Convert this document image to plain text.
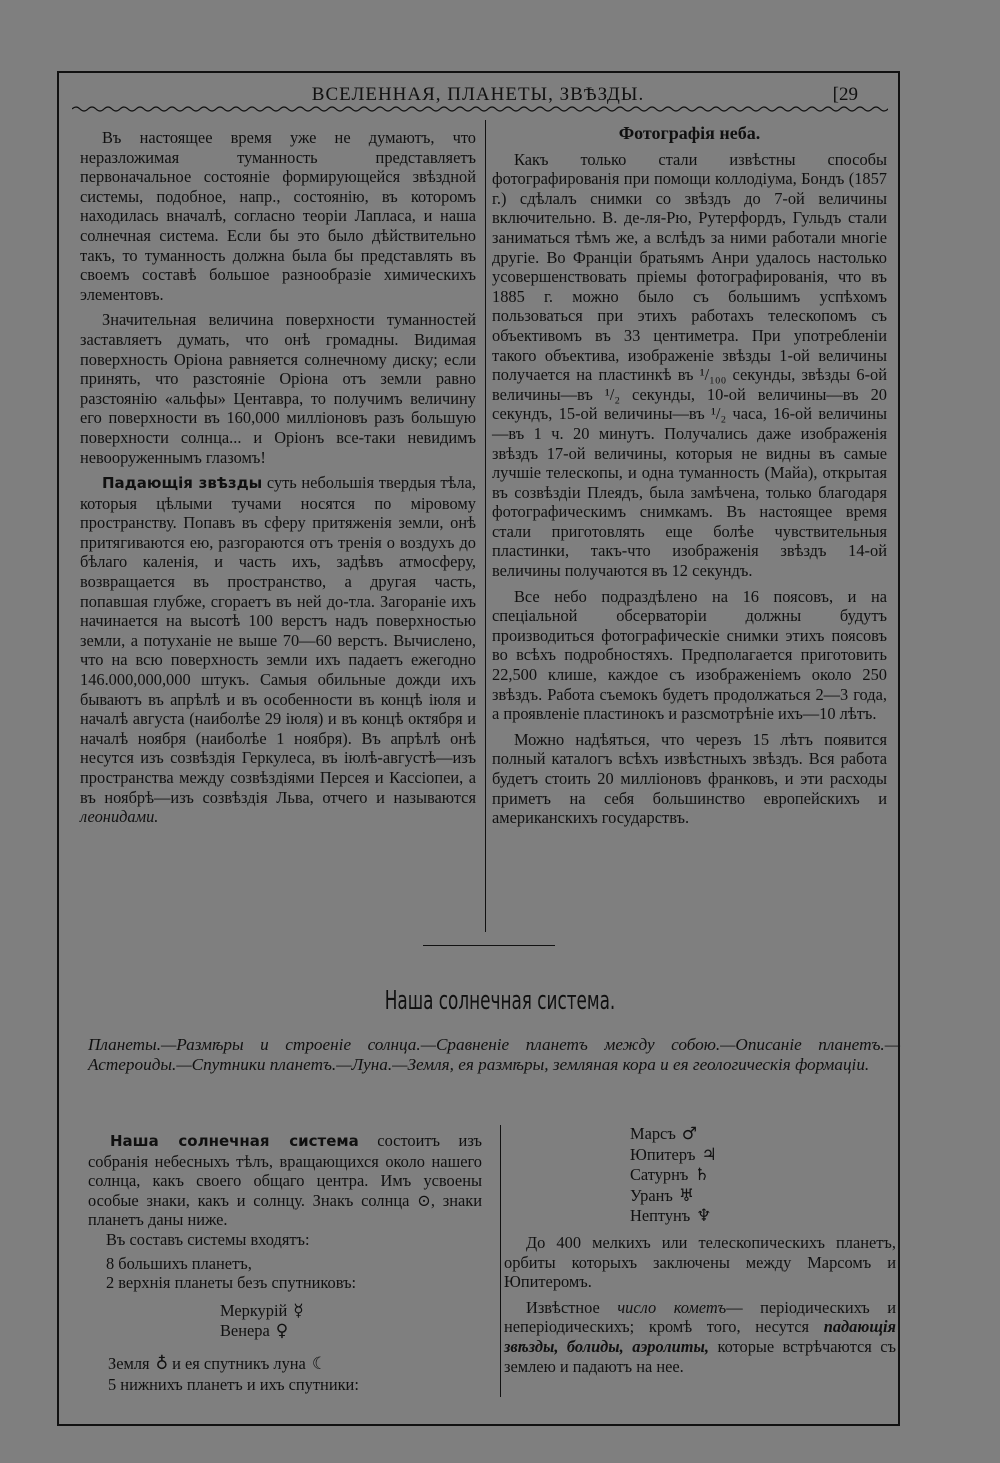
ВСЕЛЕННАЯ, ПЛАНЕТЫ, ЗВѢЗДЫ.	[29

Въ настоящее время уже не думаютъ, что неразложимая туманность представляетъ первоначальное состояніе формирующейся звѣздной системы, подобное, напр., состоянію, въ которомъ находилась вначалѣ, согласно теоріи Лапласа, и наша солнечная система. Если бы это было дѣйствительно такъ, то туманность должна была бы представлять въ своемъ составѣ большое разнообразіе химическихъ элементовъ.

Значительная величина поверхности туманностей заставляетъ думать, что онѣ громадны. Видимая поверхность Оріона равняется солнечному диску; если принять, что разстояніе Оріона отъ земли равно разстоянію «альфы» Центавра, то получимъ величину его поверхности въ 160,000 милліоновъ разъ большую поверхности солнца... и Оріонъ все-таки невидимъ невооруженнымъ глазомъ!

Падающія звѣзды суть небольшія твердыя тѣла, которыя цѣлыми тучами носятся по міровому пространству. Попавъ въ сферу притяженія земли, онѣ притягиваются ею, разгораются отъ тренія о воздухъ до бѣлаго каленія, и часть ихъ, задѣвъ атмосферу, возвращается въ пространство, а другая часть, попавшая глубже, сгораетъ въ ней до-тла. Загораніе ихъ начинается на высотѣ 100 верстъ надъ поверхностью земли, а потуханіе не выше 70—60 верстъ. Вычислено, что на всю поверхность земли ихъ падаетъ ежегодно 146.000,000,000 штукъ. Самыя обильные дожди ихъ бываютъ въ апрѣлѣ и въ особенности въ концѣ іюля и началѣ августа (наиболѣе 29 іюля) и въ концѣ октября и началѣ ноября (наиболѣе 1 ноября). Въ апрѣлѣ онѣ несутся изъ созвѣздія Геркулеса, въ іюлѣ-августѣ—изъ пространства между созвѣздіями Персея и Кассіопеи, а въ ноябрѣ—изъ созвѣздія Льва, отчего и называются леонидами.

Фотографія неба.

Какъ только стали извѣстны способы фотографированія при помощи коллодіума, Бондъ (1857 г.) сдѣлалъ снимки со звѣздъ до 7-ой величины включительно. В. де-ля-Рю, Рутерфордъ, Гульдъ стали заниматься тѣмъ же, а вслѣдъ за ними работали многіе другіе. Во Франціи братьямъ Анри удалось настолько усовершенствовать пріемы фотографированія, что въ 1885 г. можно было съ большимъ успѣхомъ пользоваться при этихъ работахъ телескопомъ съ объективомъ въ 33 центиметра. При употребленіи такого объектива, изображеніе звѣзды 1-ой величины получается на пластинкѣ въ ¹/₁₀₀ секунды, звѣзды 6-ой величины—въ ¹/₂ секунды, 10-ой величины—въ 20 секундъ, 15-ой величины—въ ¹/₂ часа, 16-ой величины—въ 1 ч. 20 минутъ. Получались даже изображенія звѣздъ 17-ой величины, которыя не видны въ самые лучшіе телескопы, и одна туманность (Майа), открытая въ созвѣздіи Плеядъ, была замѣчена, только благодаря фотографическимъ снимкамъ. Въ настоящее время стали приготовлять еще болѣе чувствительныя пластинки, такъ-что изображенія звѣздъ 14-ой величины получаются въ 12 секундъ.

Все небо подраздѣлено на 16 поясовъ, и на спеціальной обсерваторіи должны будутъ производиться фотографическіе снимки этихъ поясовъ во всѣхъ подробностяхъ. Предполагается приготовить 22,500 клише, каждое съ изображеніемъ около 250 звѣздъ. Работа съемокъ будетъ продолжаться 2—3 года, а проявленіе пластинокъ и разсмотрѣніе ихъ—10 лѣтъ.

Можно надѣяться, что черезъ 15 лѣтъ появится полный каталогъ всѣхъ извѣстныхъ звѣздъ. Вся работа будетъ стоить 20 милліоновъ франковъ, и эти расходы приметъ на себя большинство европейскихъ и американскихъ государствъ.

Наша солнечная система.
Планеты.—Размѣры и строеніе солнца.—Сравненіе планетъ между собою.—Описаніе планетъ.—Астероиды.—Спутники планетъ.—Луна.—Земля, ея размѣры, земляная кора и ея геологическія формаціи.

Наша солнечная система состоитъ изъ собранія небесныхъ тѣлъ, вращающихся около нашего солнца, какъ своего общаго центра. Имъ усвоены особые знаки, какъ и солнцу. Знакъ солнца ⊙, знаки планетъ даны ниже.

Въ составъ системы входятъ:

8 большихъ планетъ,

2 верхнія планеты безъ спутниковъ:

Меркурій ☿
Венера ♀

Земля ♁ и ея спутникъ луна ☾

5 нижнихъ планетъ и ихъ спутники:

Марсъ ♂
Юпитеръ ♃
Сатурнъ ♄
Уранъ ♅
Нептунъ ♆

До 400 мелкихъ или телескопическихъ планетъ, орбиты которыхъ заключены между Марсомъ и Юпитеромъ.

Извѣстное число кометъ— періодическихъ и непеpіодическихъ; кромѣ того, несутся падающія звѣзды, болиды, аэролиты, которые встрѣчаются съ землею и падаютъ на нее.
